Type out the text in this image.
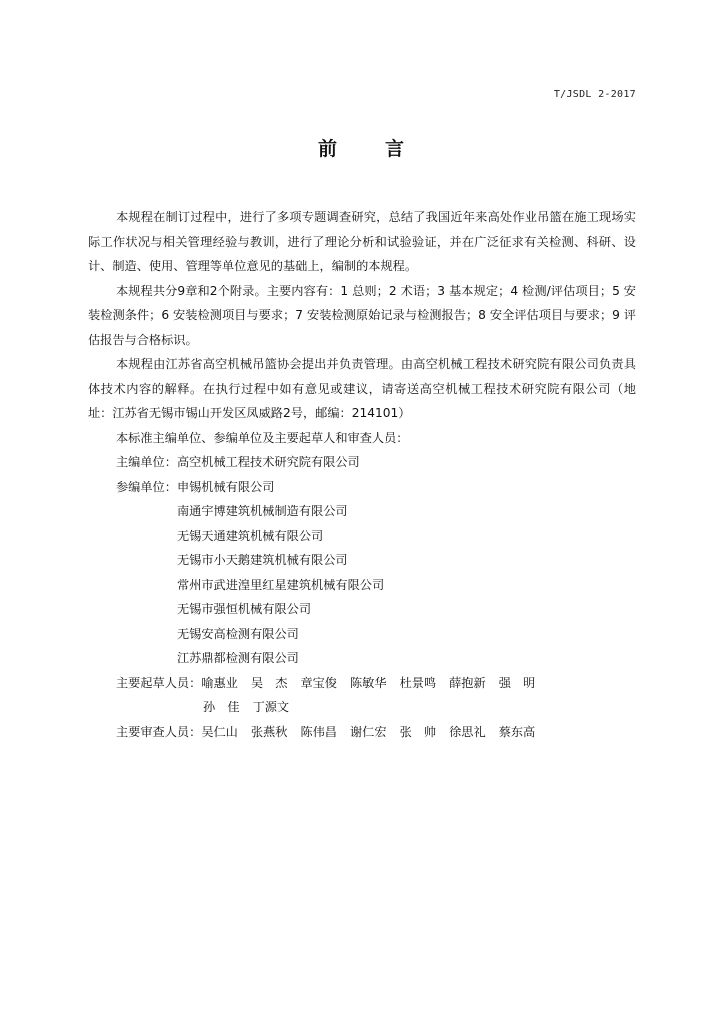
T/JSDL 2-2017
前 言

本规程在制订过程中，进行了多项专题调查研究，总结了我国近年来高处作业吊篮在施工现场实际工作状况与相关管理经验与教训，进行了理论分析和试验验证，并在广泛征求有关检测、科研、设计、制造、使用、管理等单位意见的基础上，编制的本规程。

本规程共分9章和2个附录。主要内容有：1 总则；2 术语；3 基本规定；4 检测/评估项目；5 安装检测条件；6 安装检测项目与要求；7 安装检测原始记录与检测报告；8 安全评估项目与要求；9 评估报告与合格标识。

本规程由江苏省高空机械吊篮协会提出并负责管理。由高空机械工程技术研究院有限公司负责具体技术内容的解释。在执行过程中如有意见或建议，请寄送高空机械工程技术研究院有限公司（地址：江苏省无锡市锡山开发区凤威路2号，邮编：214101）

本标准主编单位、参编单位及主要起草人和审查人员：

主编单位：高空机械工程技术研究院有限公司

参编单位：申锡机械有限公司

南通宇博建筑机械制造有限公司

无锡天通建筑机械有限公司

无锡市小天鹅建筑机械有限公司

常州市武进湟里红星建筑机械有限公司

无锡市强恒机械有限公司

无锡安高检测有限公司

江苏鼎都检测有限公司

主要起草人员：喻惠业 吴　杰 章宝俊 陈敏华 杜景鸣 薛抱新 强　明

孙　佳 丁源文

主要审查人员：吴仁山 张燕秋 陈伟昌 谢仁宏 张　帅 徐思礼 蔡东高
